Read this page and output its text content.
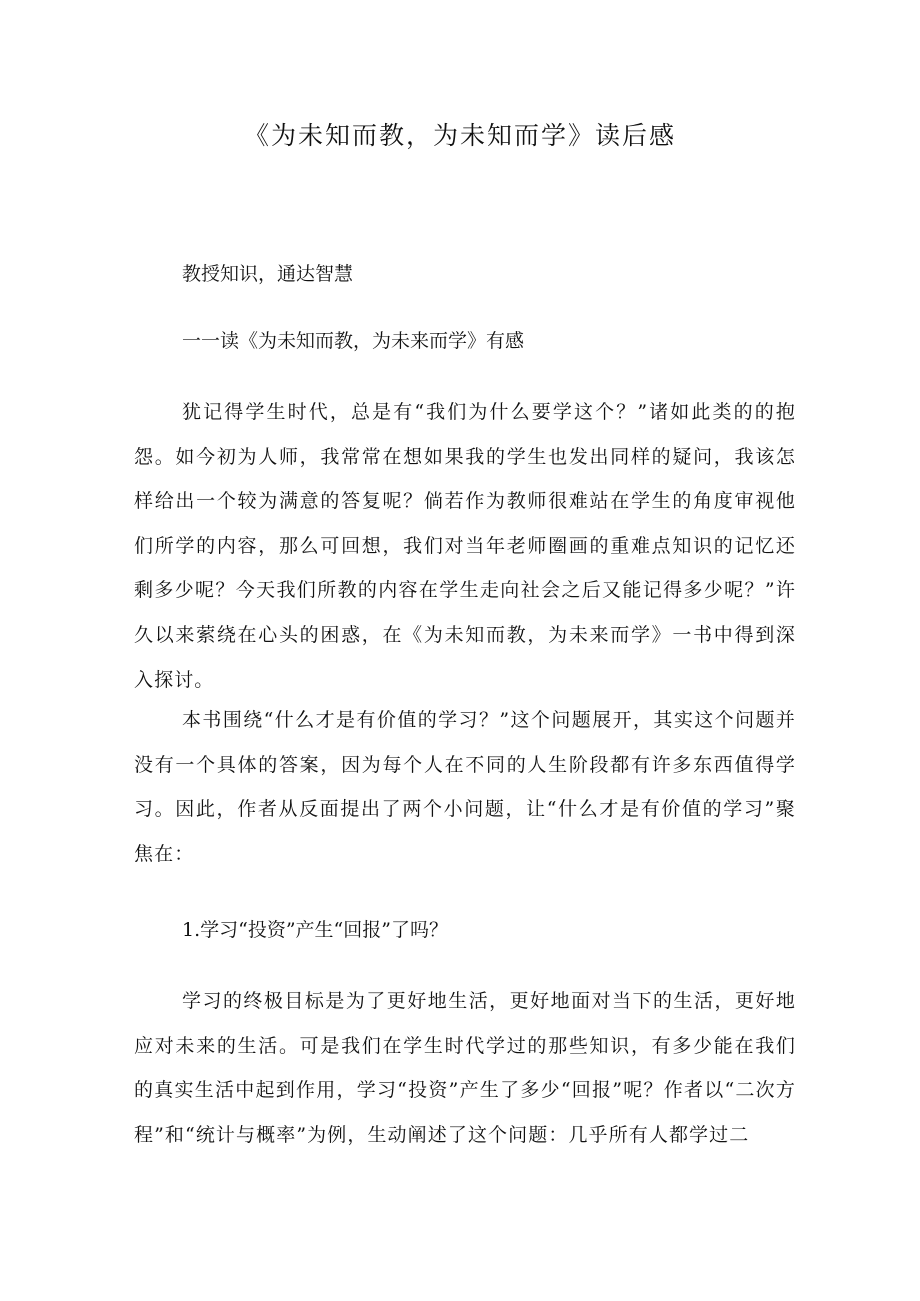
《为未知而教，为未知而学》读后感
教授知识，通达智慧
一一读《为未知而教，为未来而学》有感
犹记得学生时代，总是有“我们为什么要学这个？”诸如此类的的抱怨。如今初为人师，我常常在想如果我的学生也发出同样的疑问，我该怎样给出一个较为满意的答复呢？倘若作为教师很难站在学生的角度审视他们所学的内容，那么可回想，我们对当年老师圈画的重难点知识的记忆还剩多少呢？今天我们所教的内容在学生走向社会之后又能记得多少呢？”许久以来萦绕在心头的困惑，在《为未知而教，为未来而学》一书中得到深入探讨。
本书围绕“什么才是有价值的学习？”这个问题展开，其实这个问题并没有一个具体的答案，因为每个人在不同的人生阶段都有许多东西值得学习。因此，作者从反面提出了两个小问题，让“什么才是有价值的学习”聚焦在：
1.学习“投资”产生“回报”了吗？
学习的终极目标是为了更好地生活，更好地面对当下的生活，更好地应对未来的生活。可是我们在学生时代学过的那些知识，有多少能在我们的真实生活中起到作用，学习“投资”产生了多少“回报”呢？作者以“二次方程”和“统计与概率”为例，生动阐述了这个问题：几乎所有人都学过二
